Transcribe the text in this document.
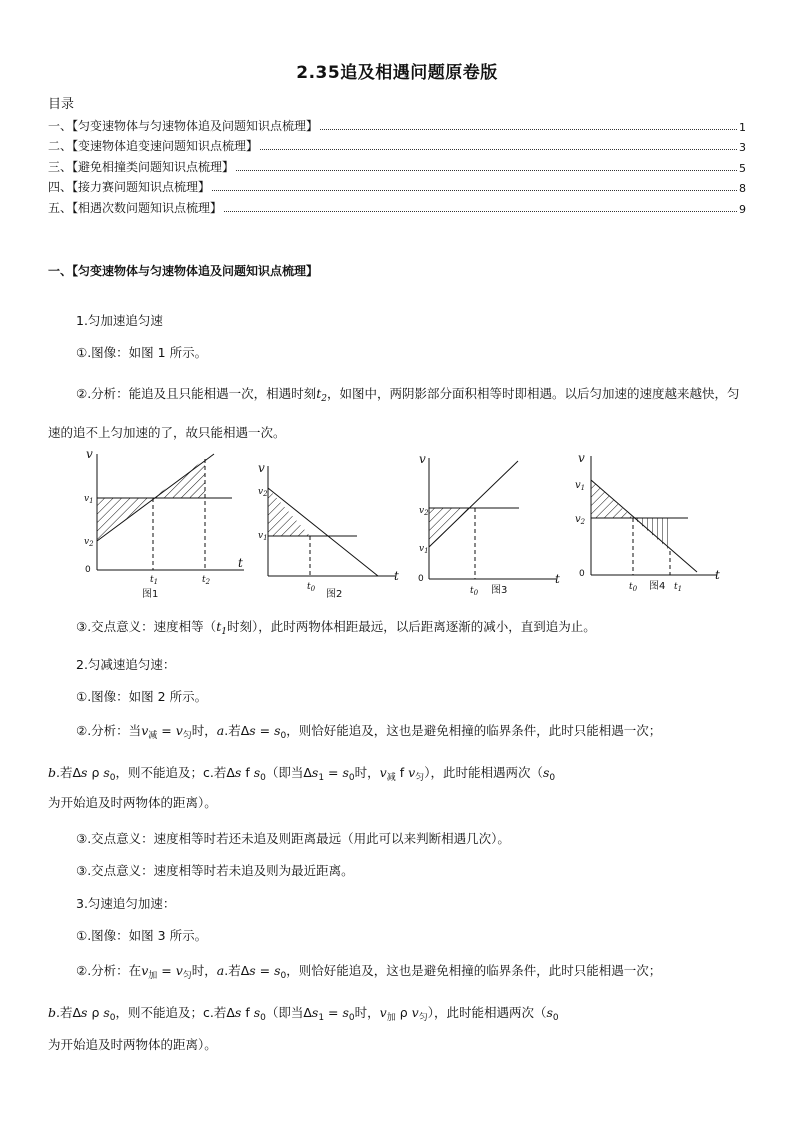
2.35追及相遇问题原卷版
目录
一、【匀变速物体与匀速物体追及问题知识点梳理】	1
二、【变速物体追变速问题知识点梳理】	3
三、【避免相撞类问题知识点梳理】	5
四、【接力赛问题知识点梳理】	8
五、【相遇次数问题知识点梳理】	9
一、【匀变速物体与匀速物体追及问题知识点梳理】
1.匀加速追匀速
①.图像：如图 1 所示。
②.分析：能追及且只能相遇一次，相遇时刻$t_2$，如图中，两阴影部分面积相等时即相遇。以后匀加速的速度越来越快，匀速的追不上匀加速的了，故只能相遇一次。
v
t
$v_1$
$v_2$
0
$t_1$	$t_2$
图1
v
t
$v_2$
$v_1$
$t_0$ 图2
v
t
$v_2$
$v_1$
0
$t_0$ 图3
v
t
$v_1$
$v_2$
0
$t_0$ 图4 $t_1$
③.交点意义：速度相等（$t_1$时刻），此时两物体相距最远，以后距离逐渐的减小，直到追为止。
2.匀减速追匀速：
①.图像：如图 2 所示。
②.分析：当$v_减 = v_匀$时，a.若$\Delta s = s_0$，则恰好能追及，这也是避免相撞的临界条件，此时只能相遇一次；
b.若Δs ρ $s_0$，则不能追及；c.若Δs f $s_0$（即当$\Delta s_1 = s_0$时，$v_减$ f $v_匀$），此时能相遇两次（$s_0$
为开始追及时两物体的距离）。
③.交点意义：速度相等时若还未追及则距离最远（用此可以来判断相遇几次）。
③.交点意义：速度相等时若未追及则为最近距离。
3.匀速追匀加速：
①.图像：如图 3 所示。
②.分析：在$v_加 = v_匀$时，a.若$\Delta s = s_0$，则恰好能追及，这也是避免相撞的临界条件，此时只能相遇一次；
b.若Δs ρ $s_0$，则不能追及；c.若Δs f $s_0$（即当$\Delta s_1 = s_0$时，$v_加$ ρ $v_匀$），此时能相遇两次（$s_0$
为开始追及时两物体的距离）。
